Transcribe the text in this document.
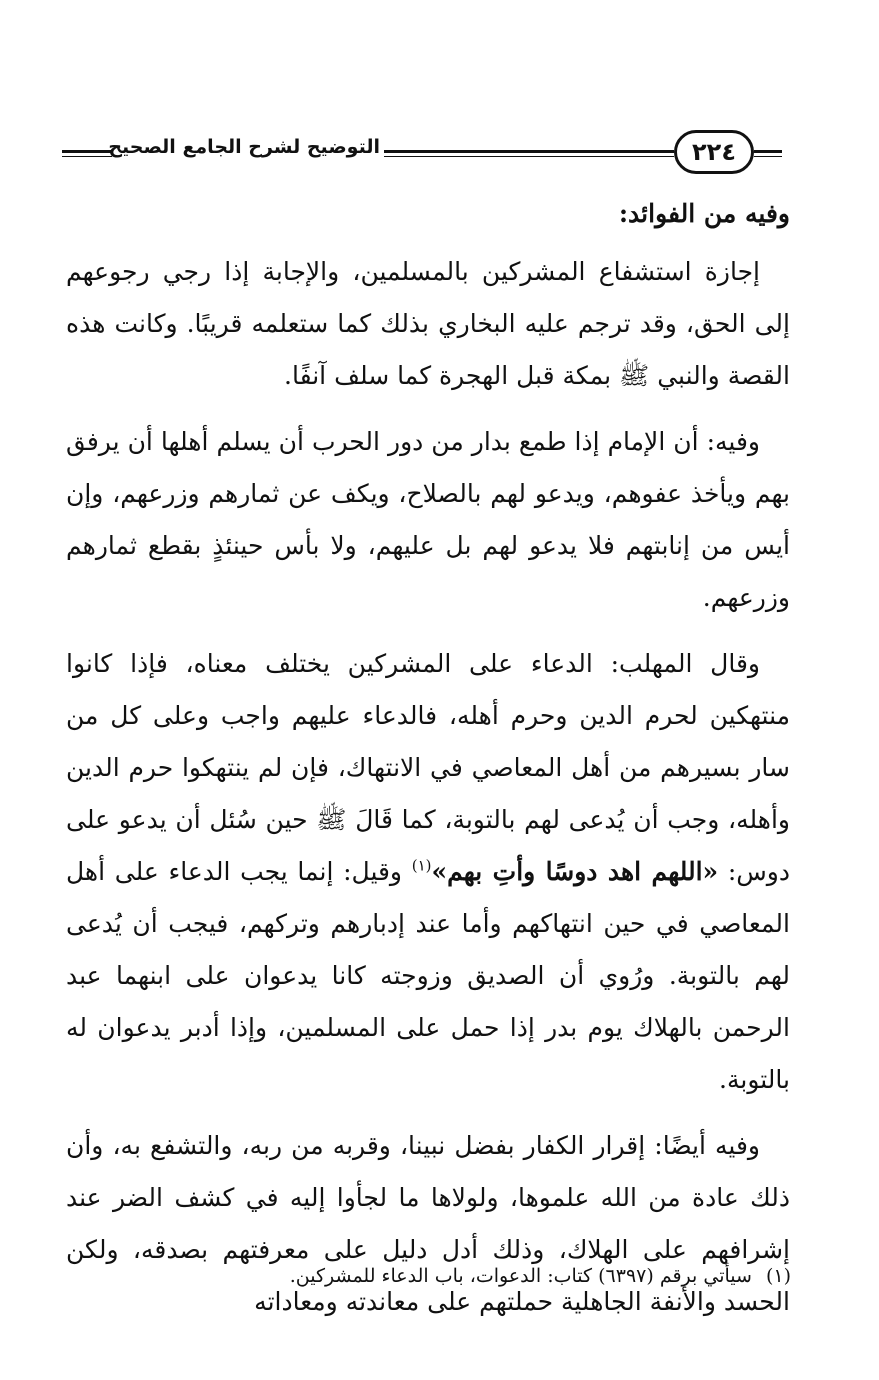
التوضيح لشرح الجامع الصحيح	٢٢٤

وفيه من الفوائد:

إجازة استشفاع المشركين بالمسلمين، والإجابة إذا رجي رجوعهم إلى الحق، وقد ترجم عليه البخاري بذلك كما ستعلمه قريبًا. وكانت هذه القصة والنبي ﷺ بمكة قبل الهجرة كما سلف آنفًا.

وفيه: أن الإمام إذا طمع بدار من دور الحرب أن يسلم أهلها أن يرفق بهم ويأخذ عفوهم، ويدعو لهم بالصلاح، ويكف عن ثمارهم وزرعهم، وإن أيس من إنابتهم فلا يدعو لهم بل عليهم، ولا بأس حينئذٍ بقطع ثمارهم وزرعهم.

وقال المهلب: الدعاء على المشركين يختلف معناه، فإذا كانوا منتهكين لحرم الدين وحرم أهله، فالدعاء عليهم واجب وعلى كل من سار بسيرهم من أهل المعاصي في الانتهاك، فإن لم ينتهكوا حرم الدين وأهله، وجب أن يُدعى لهم بالتوبة، كما قَالَ ﷺ حين سُئل أن يدعو على دوس: «اللهم اهد دوسًا وأتِ بهم»$^{(١)}$ وقيل: إنما يجب الدعاء على أهل المعاصي في حين انتهاكهم وأما عند إدبارهم وتركهم، فيجب أن يُدعى لهم بالتوبة. ورُوي أن الصديق وزوجته كانا يدعوان على ابنهما عبد الرحمن بالهلاك يوم بدر إذا حمل على المسلمين، وإذا أدبر يدعوان له بالتوبة.

وفيه أيضًا: إقرار الكفار بفضل نبينا، وقربه من ربه، والتشفع به، وأن ذلك عادة من الله علموها، ولولاها ما لجأوا إليه في كشف الضر عند إشرافهم على الهلاك، وذلك أدل دليل على معرفتهم بصدقه، ولكن الحسد والأنفة الجاهلية حملتهم على معاندته ومعاداته

(١)سيأتي برقم (٦٣٩٧) كتاب: الدعوات، باب الدعاء للمشركين.
